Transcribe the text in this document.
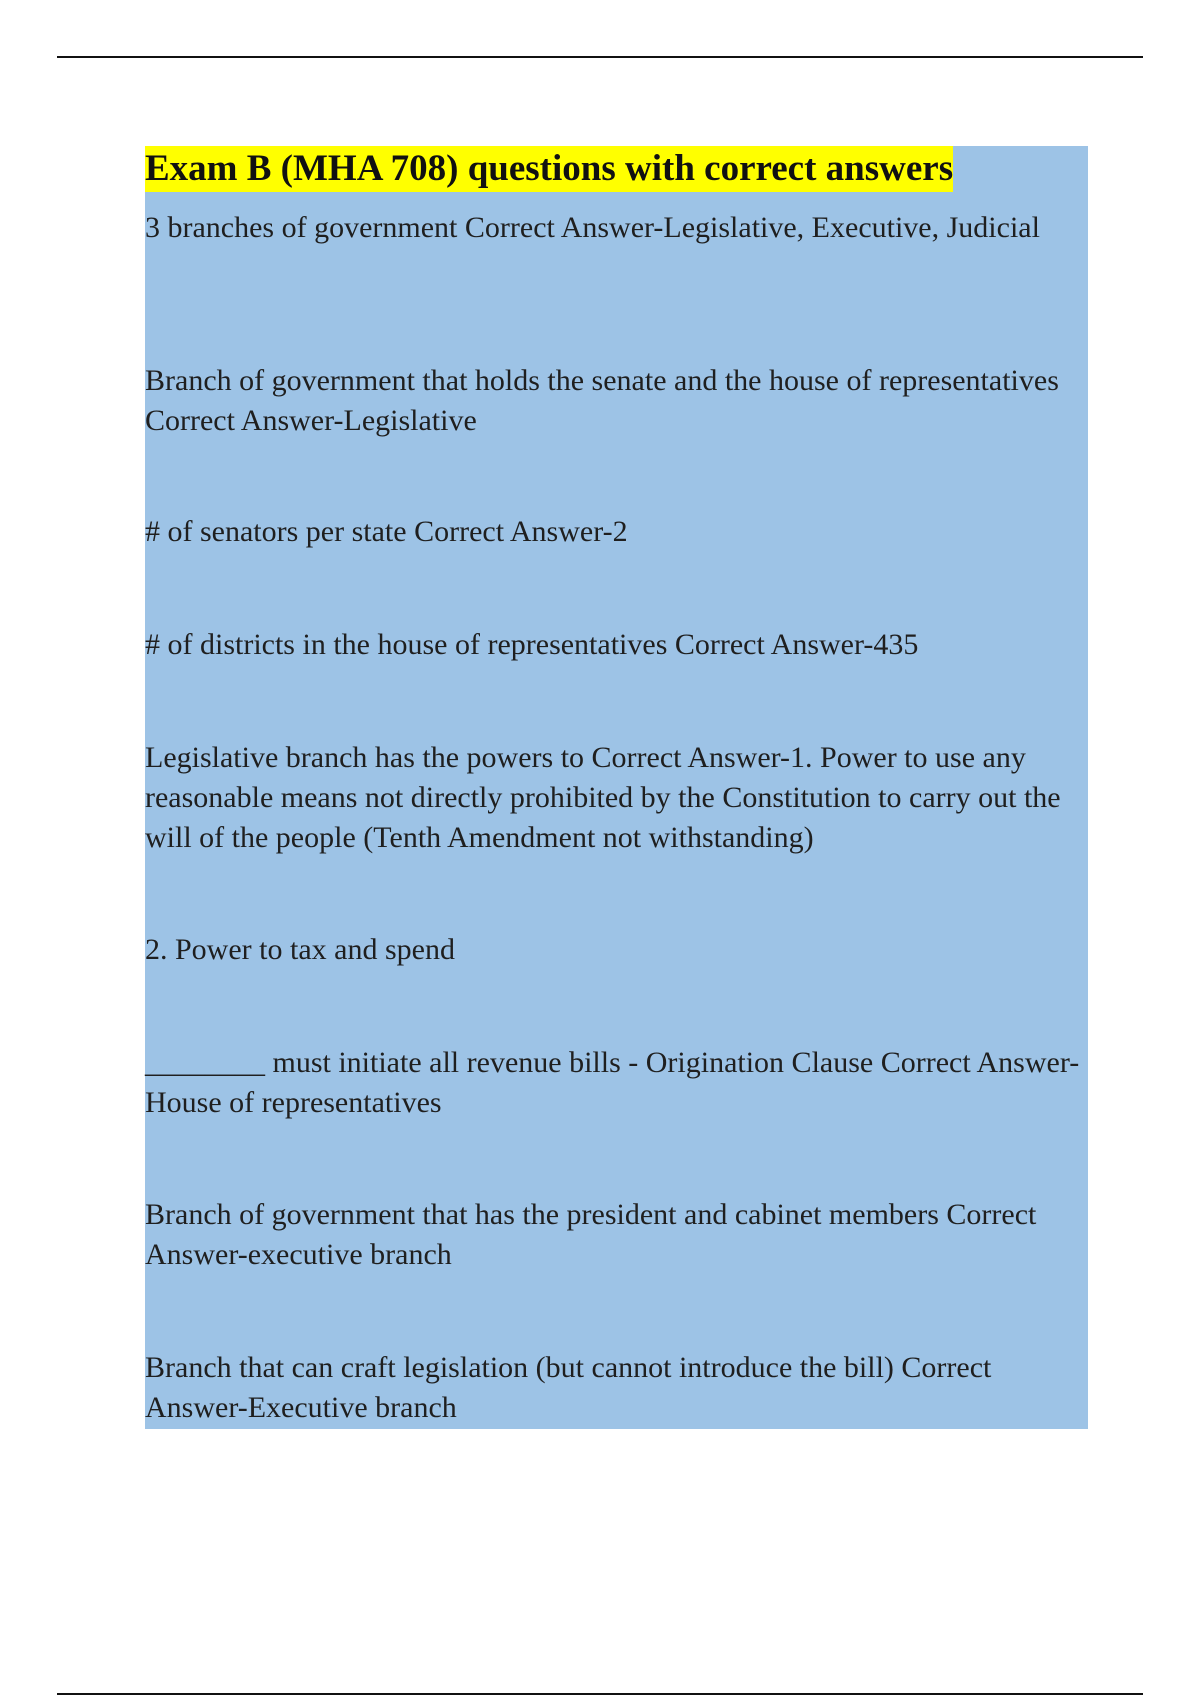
Exam B (MHA 708) questions with correct answers

3 branches of government Correct Answer-Legislative, Executive, Judicial

Branch of government that holds the senate and the house of representatives Correct Answer-Legislative

# of senators per state Correct Answer-2

# of districts in the house of representatives Correct Answer-435

Legislative branch has the powers to Correct Answer-1. Power to use any reasonable means not directly prohibited by the Constitution to carry out the will of the people (Tenth Amendment not withstanding)

2. Power to tax and spend

________ must initiate all revenue bills - Origination Clause Correct Answer-House of representatives

Branch of government that has the president and cabinet members Correct Answer-executive branch

Branch that can craft legislation (but cannot introduce the bill) Correct Answer-Executive branch
